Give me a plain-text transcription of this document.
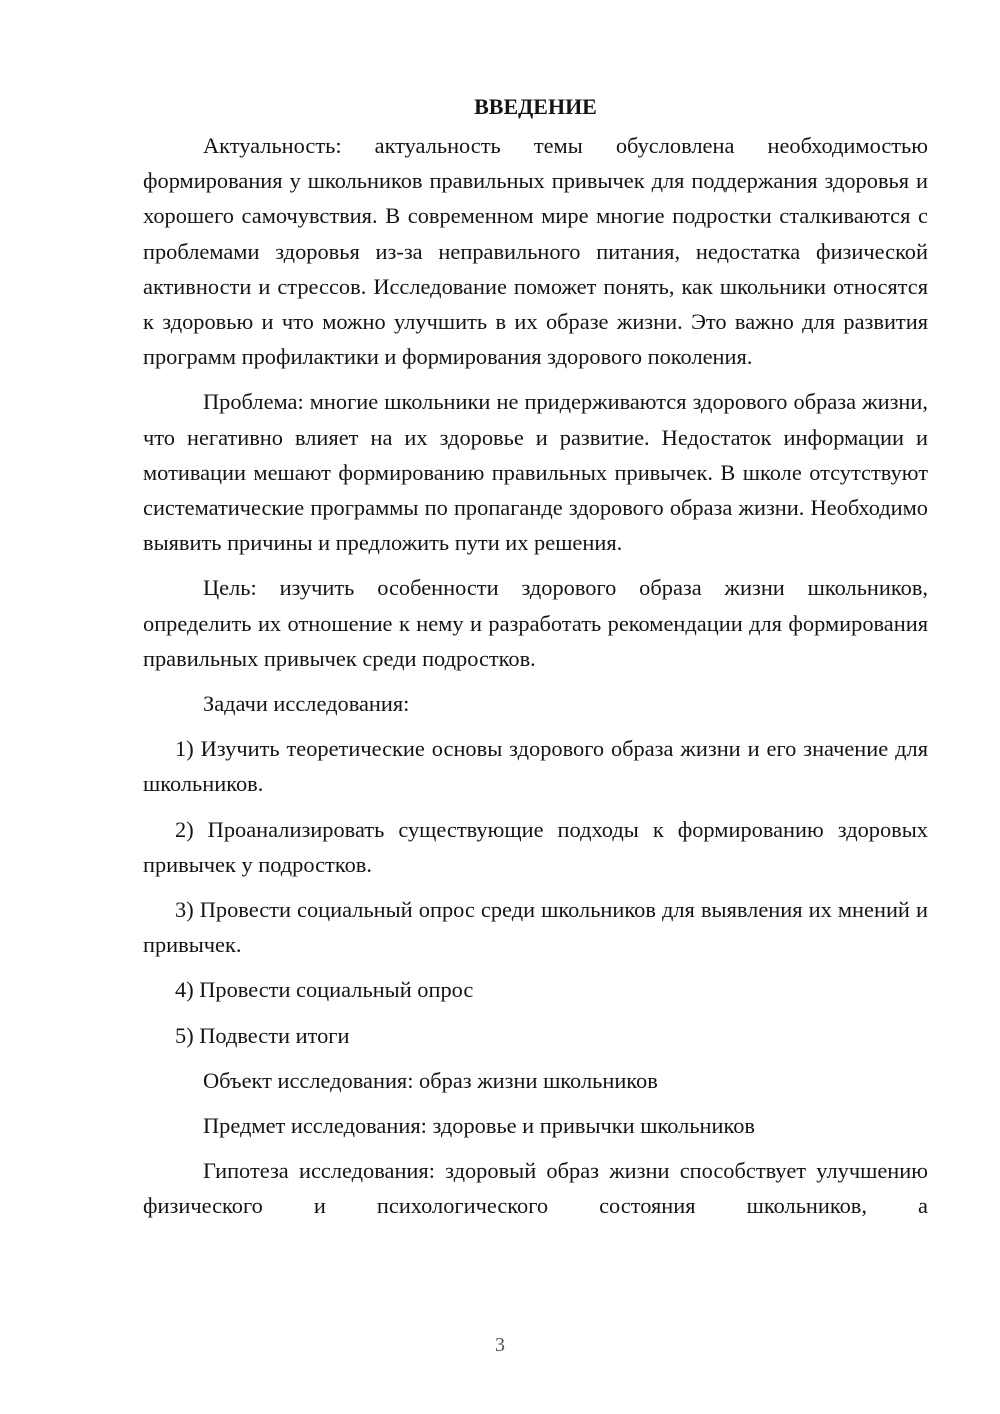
ВВЕДЕНИЕ

Актуальность: актуальность темы обусловлена необходимостью формирования у школьников правильных привычек для поддержания здоровья и хорошего самочувствия. В современном мире многие подростки сталкиваются с проблемами здоровья из-за неправильного питания, недостатка физической активности и стрессов. Исследование поможет понять, как школьники относятся к здоровью и что можно улучшить в их образе жизни. Это важно для развития программ профилактики и формирования здорового поколения.

Проблема: многие школьники не придерживаются здорового образа жизни, что негативно влияет на их здоровье и развитие. Недостаток информации и мотивации мешают формированию правильных привычек. В школе отсутствуют систематические программы по пропаганде здорового образа жизни. Необходимо выявить причины и предложить пути их решения.

Цель: изучить особенности здорового образа жизни школьников, определить их отношение к нему и разработать рекомендации для формирования правильных привычек среди подростков.

Задачи исследования:

1) Изучить теоретические основы здорового образа жизни и его значение для школьников.

2) Проанализировать существующие подходы к формированию здоровых привычек у подростков.

3) Провести социальный опрос среди школьников для выявления их мнений и привычек.

4) Провести социальный опрос

5) Подвести итоги

Объект исследования: образ жизни школьников

Предмет исследования: здоровье и привычки школьников

Гипотеза исследования: здоровый образ жизни способствует улучшению физического и психологического состояния школьников, а

3
